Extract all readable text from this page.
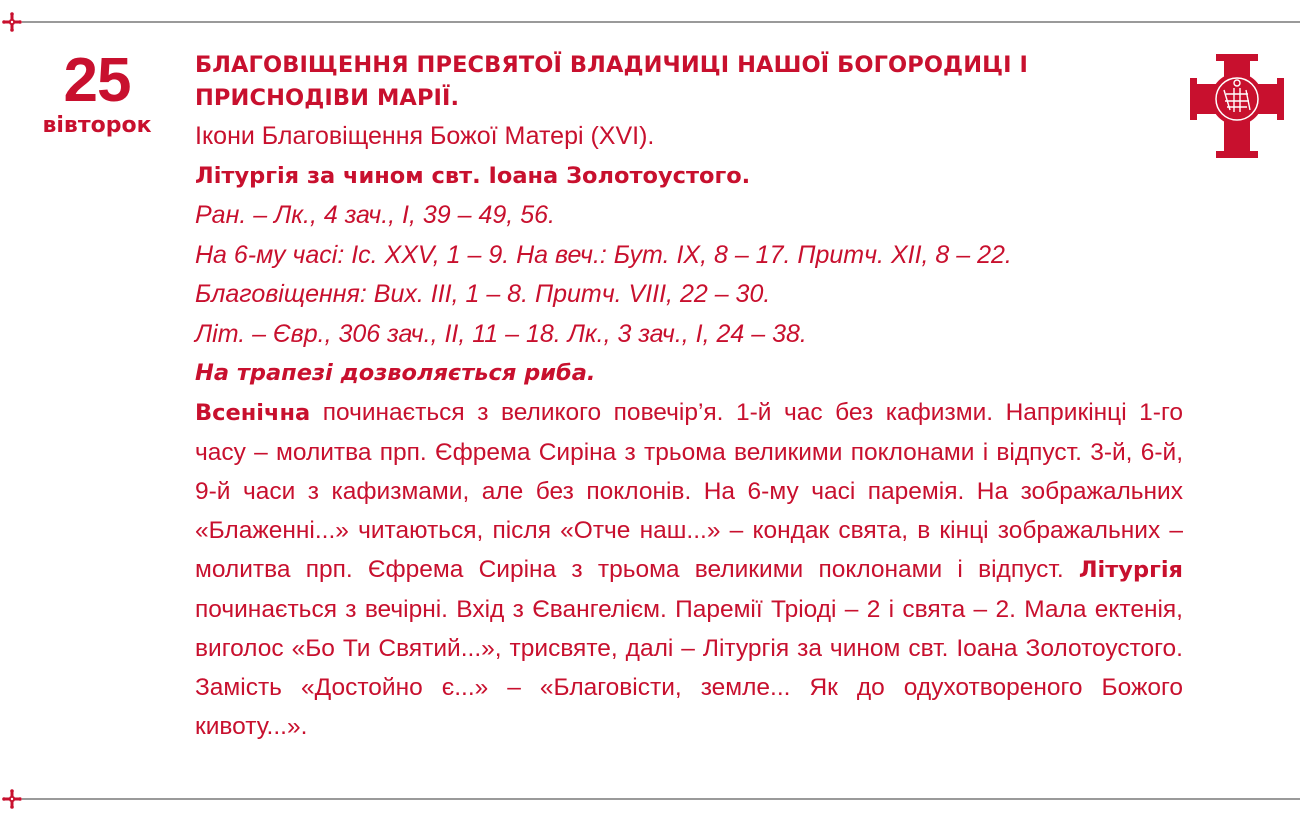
25
вівторок

БЛАГОВІЩЕННЯ ПРЕСВЯТОЇ ВЛАДИЧИЦІ НАШОЇ БОГОРОДИЦІ І ПРИСНОДІВИ МАРІЇ.

Ікони Благовіщення Божої Матері (XVI).

Літургія за чином свт. Іоана Золотоустого.

Ран. – Лк., 4 зач., I, 39 – 49, 56.

На 6-му часі: Іс. XXV, 1 – 9. На веч.: Бут. IX, 8 – 17. Притч. XII, 8 – 22.

Благовіщення: Вих. III, 1 – 8. Притч. VIII, 22 – 30.

Літ. – Євр., 306 зач., II, 11 – 18. Лк., 3 зач., I, 24 – 38.

На трапезі дозволяється риба.

Всенічна починається з великого повечір’я. 1-й час без кафизми. Наприкінці 1-го часу – молитва прп. Єфрема Сиріна з трьома великими поклонами і відпуст. 3-й, 6-й, 9-й часи з кафизмами, але без поклонів. На 6-му часі паремія. На зображальних «Блаженні...» читаються, після «Отче наш...» – кондак свята, в кінці зображальних – молитва прп. Єфрема Сиріна з трьома великими поклонами і відпуст. Літургія починається з вечірні. Вхід з Євангелієм. Паремії Тріоді – 2 і свята – 2. Мала ектенія, виголос «Бо Ти Святий...», трисвяте, далі – Літургія за чином свт. Іоана Золотоустого. Замість «Достойно є...» – «Благовісти, земле... Як до одухотвореного Божого кивоту...».
